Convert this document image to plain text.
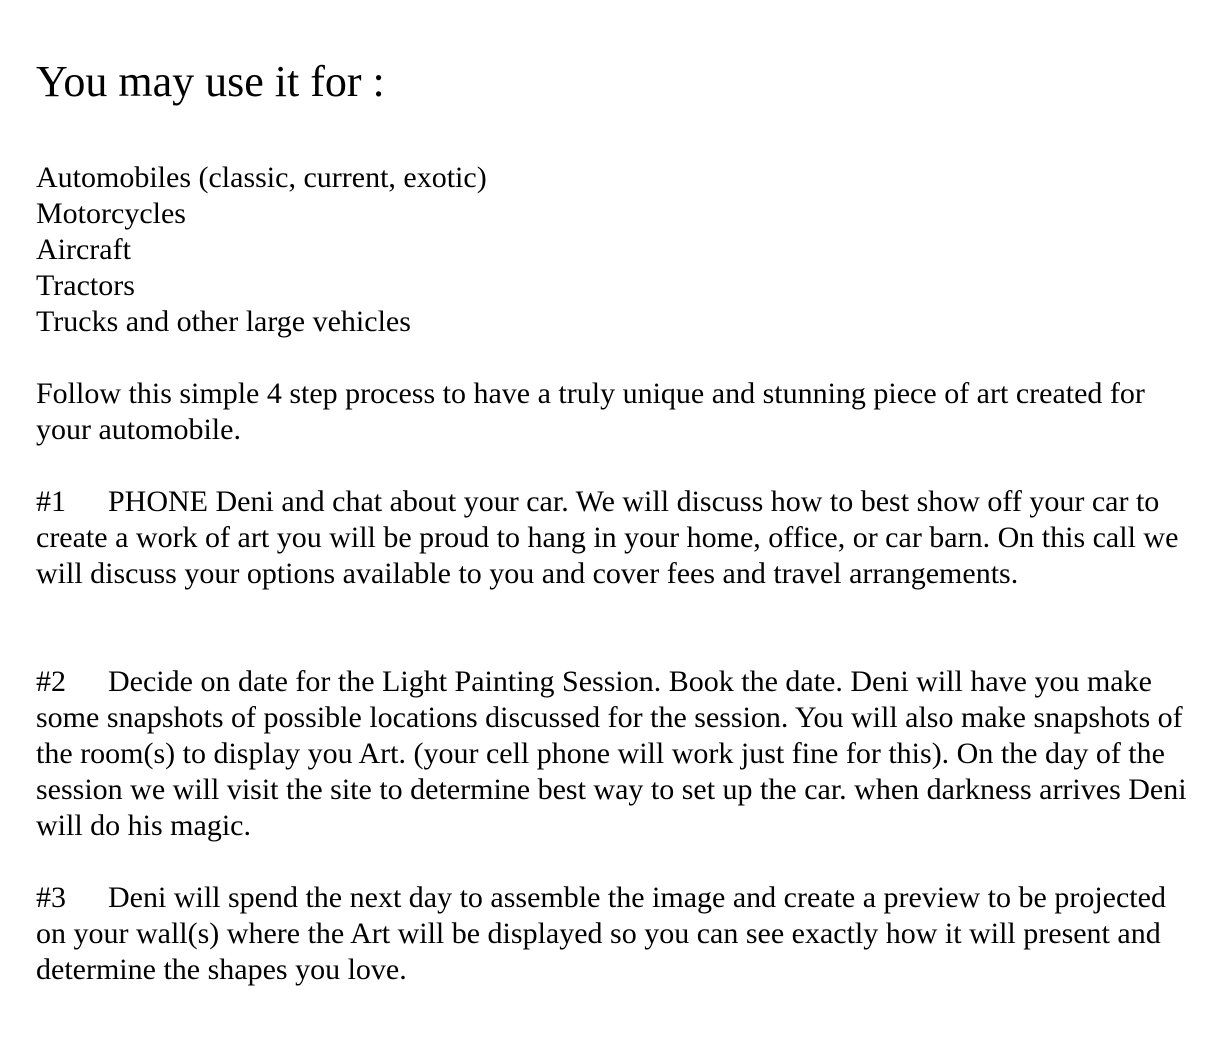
You may use it for :
Automobiles (classic, current, exotic)
Motorcycles
Aircraft
Tractors
Trucks and other large vehicles

Follow this simple 4 step process to have a truly unique and stunning piece of art created for your automobile.

#1 PHONE Deni and chat about your car. We will discuss how to best show off your car to create a work of art you will be proud to hang in your home, office, or car barn. On this call we will discuss your options available to you and cover fees and travel arrangements.

#2 Decide on date for the Light Painting Session. Book the date. Deni will have you make some snapshots of possible locations discussed for the session. You will also make snapshots of the room(s) to display you Art. (your cell phone will work just fine for this). On the day of the session we will visit the site to determine best way to set up the car. when darkness arrives Deni will do his magic.

#3 Deni will spend the next day to assemble the image and create a preview to be projected on your wall(s) where the Art will be displayed so you can see exactly how it will present and determine the shapes you love.
